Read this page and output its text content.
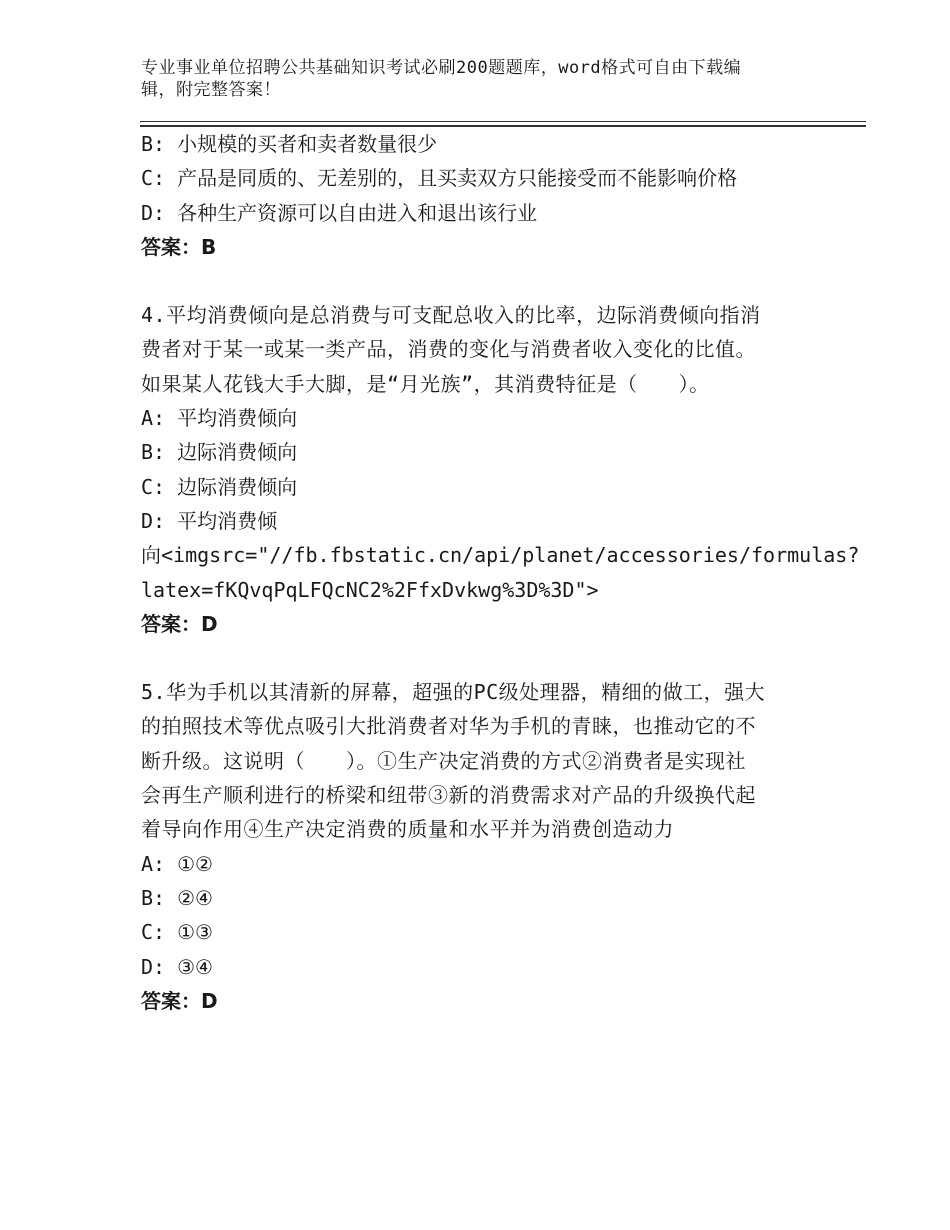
专业事业单位招聘公共基础知识考试必刷200题题库，word格式可自由下载编
辑，附完整答案！
B: 小规模的买者和卖者数量很少
C: 产品是同质的、无差别的，且买卖双方只能接受而不能影响价格
D: 各种生产资源可以自由进入和退出该行业
答案：B
4.平均消费倾向是总消费与可支配总收入的比率，边际消费倾向指消
费者对于某一或某一类产品，消费的变化与消费者收入变化的比值。
如果某人花钱大手大脚，是“月光族”，其消费特征是（　　）。
A: 平均消费倾向
B: 边际消费倾向
C: 边际消费倾向
D: 平均消费倾
向<imgsrc="//fb.fbstatic.cn/api/planet/accessories/formulas?
latex=fKQvqPqLFQcNC2%2FfxDvkwg%3D%3D">
答案：D
5.华为手机以其清新的屏幕，超强的PC级处理器，精细的做工，强大
的拍照技术等优点吸引大批消费者对华为手机的青睐，也推动它的不
断升级。这说明（　　）。①生产决定消费的方式②消费者是实现社
会再生产顺利进行的桥梁和纽带③新的消费需求对产品的升级换代起
着导向作用④生产决定消费的质量和水平并为消费创造动力
A: ①②
B: ②④
C: ①③
D: ③④
答案：D
